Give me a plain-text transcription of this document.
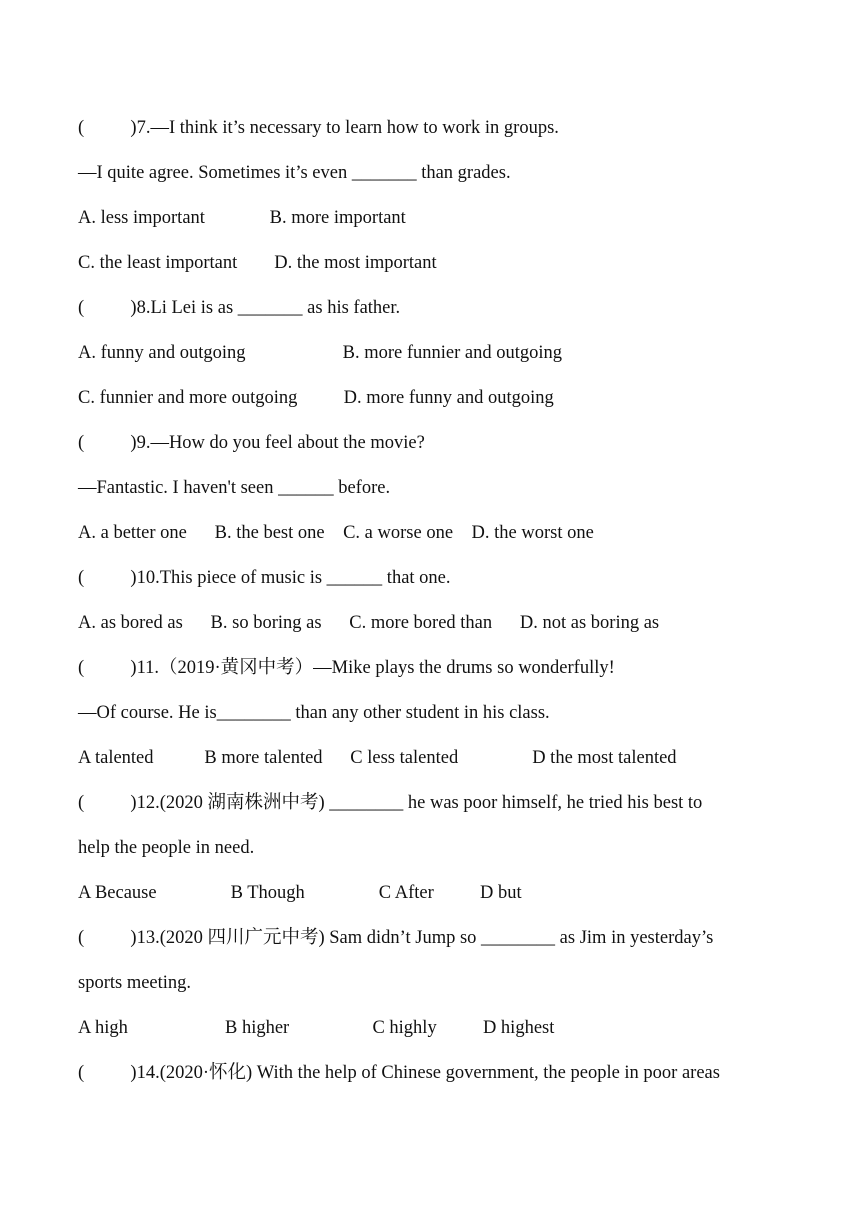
(          )7.—I think it’s necessary to learn how to work in groups.
—I quite agree. Sometimes it’s even _______ than grades.
A. less important              B. more important
C. the least important        D. the most important
(          )8.Li Lei is as _______ as his father.
A. funny and outgoing                     B. more funnier and outgoing
C. funnier and more outgoing          D. more funny and outgoing
(          )9.—How do you feel about the movie?
—Fantastic. I haven't seen ______ before.
A. a better one      B. the best one    C. a worse one    D. the worst one
(          )10.This piece of music is ______ that one.
A. as bored as      B. so boring as      C. more bored than      D. not as boring as
(          )11.（2019·黄冈中考）—Mike plays the drums so wonderfully!
—Of course. He is________ than any other student in his class.
A talented           B more talented      C less talented                D the most talented
(          )12.(2020 湖南株洲中考) ________ he was poor himself, he tried his best to
help the people in need.
A Because                B Though                C After          D but
(          )13.(2020 四川广元中考) Sam didn’t Jump so ________ as Jim in yesterday’s
sports meeting.
A high                     B higher                  C highly          D highest
(          )14.(2020·怀化) With the help of Chinese government, the people in poor areas
